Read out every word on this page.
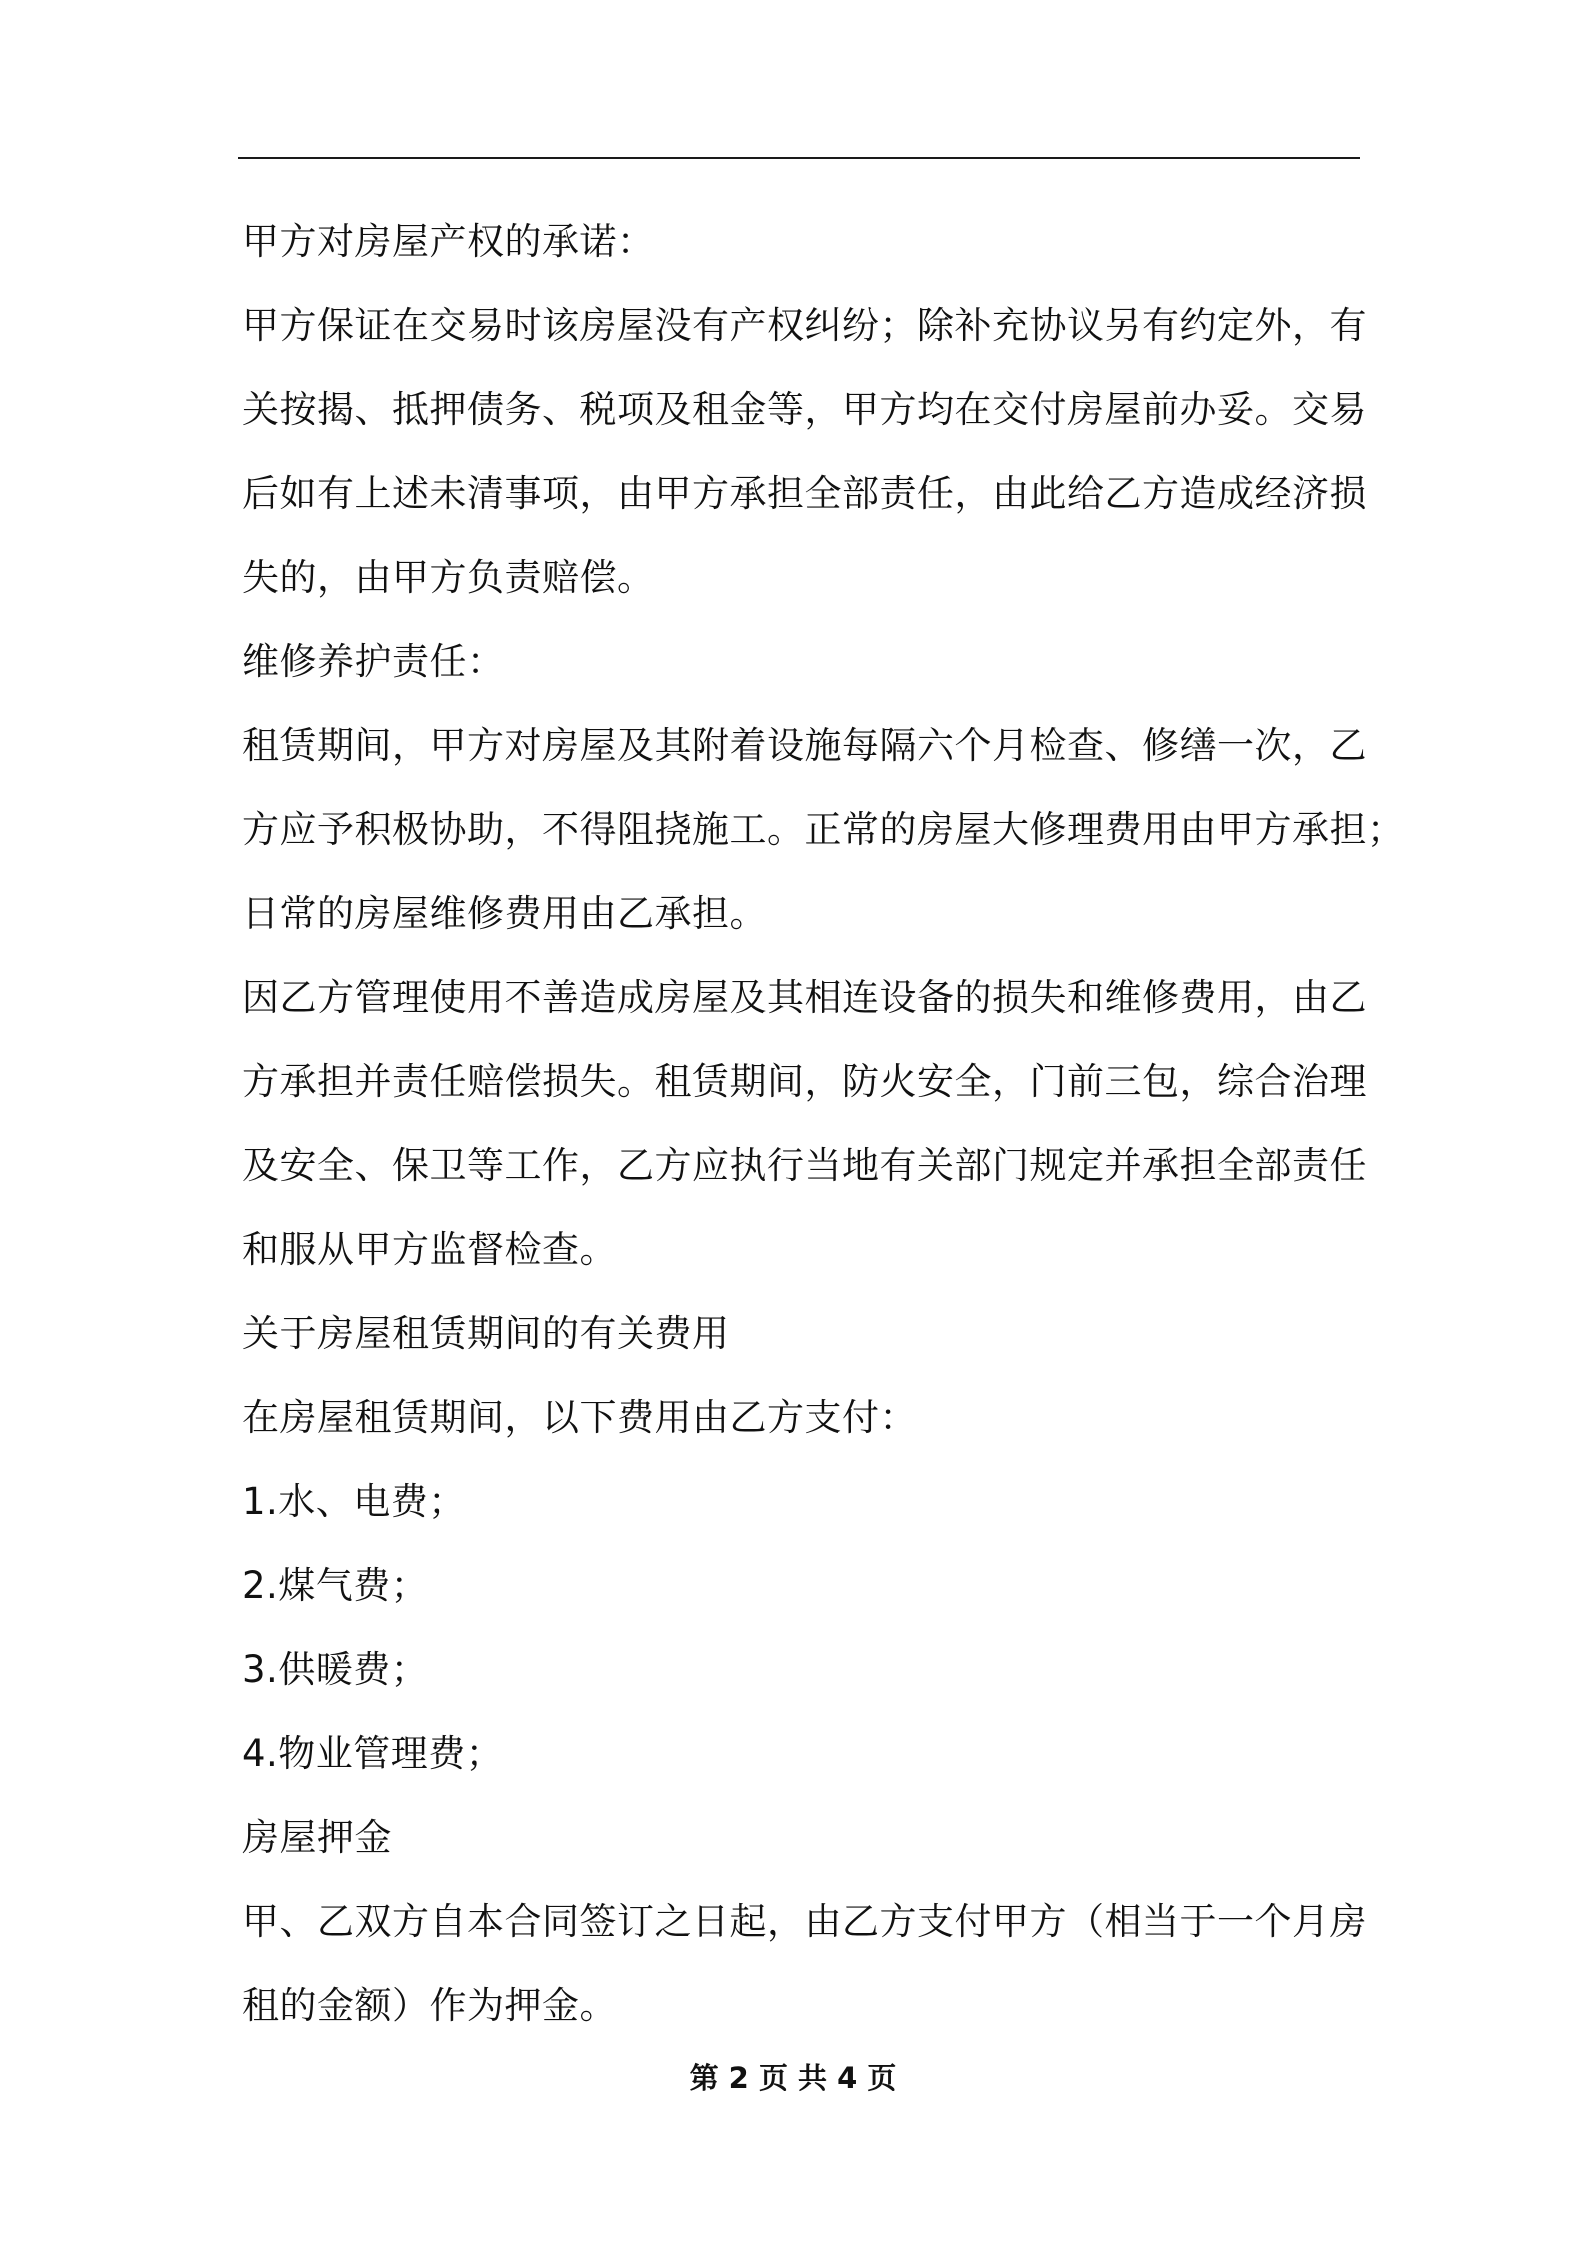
甲方对房屋产权的承诺：

甲方保证在交易时该房屋没有产权纠纷；除补充协议另有约定外，有
关按揭、抵押债务、税项及租金等，甲方均在交付房屋前办妥。交易
后如有上述未清事项，由甲方承担全部责任，由此给乙方造成经济损
失的，由甲方负责赔偿。

维修养护责任：

租赁期间，甲方对房屋及其附着设施每隔六个月检查、修缮一次，乙
方应予积极协助，不得阻挠施工。正常的房屋大修理费用由甲方承担；
日常的房屋维修费用由乙承担。

因乙方管理使用不善造成房屋及其相连设备的损失和维修费用，由乙
方承担并责任赔偿损失。租赁期间，防火安全，门前三包，综合治理
及安全、保卫等工作，乙方应执行当地有关部门规定并承担全部责任
和服从甲方监督检查。

关于房屋租赁期间的有关费用

在房屋租赁期间，以下费用由乙方支付：

1.水、电费；

2.煤气费；

3.供暖费；

4.物业管理费；

房屋押金

甲、乙双方自本合同签订之日起，由乙方支付甲方（相当于一个月房
租的金额）作为押金。

第 2 页 共 4 页
